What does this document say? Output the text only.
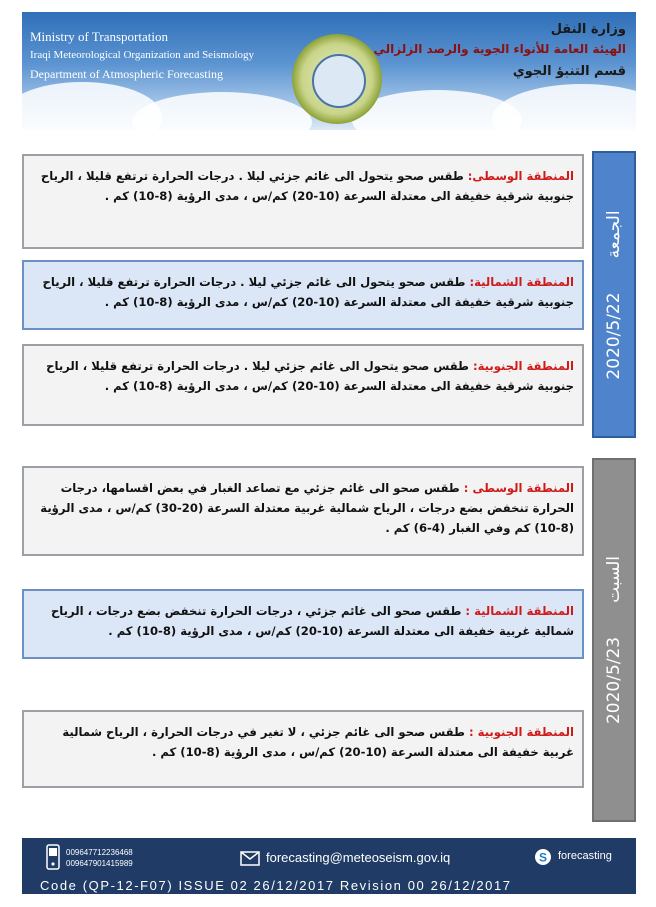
Ministry of Transportation
Iraqi Meteorological Organization and Seismology
Department of Atmospheric Forecasting
وزارة النقل
الهيئة العامة للأنواء الجوية والرصد الزلزالي
قسم التنبؤ الجوي
2020/5/22الجمعة
المنطقة الوسطى: طقس صحو يتحول الى غائم جزئي ليلا . درجات الحرارة ترتفع قليلا ، الرياح جنوبية شرقية خفيفة الى معتدلة السرعة (10-20) كم/س ، مدى الرؤية (8-10) كم .
المنطقة الشمالية: طقس صحو يتحول الى غائم جزئي ليلا . درجات الحرارة ترتفع قليلا ، الرياح جنوبية شرقية خفيفة الى معتدلة السرعة (10-20) كم/س ، مدى الرؤية (8-10) كم .
المنطقة الجنوبية: طقس صحو يتحول الى غائم جزئي ليلا . درجات الحرارة ترتفع قليلا ، الرياح جنوبية شرقية خفيفة الى معتدلة السرعة (10-20) كم/س ، مدى الرؤية (8-10) كم .
2020/5/23السبت
المنطقة الوسطى : طقس صحو الى غائم جزئي مع تصاعد الغبار في بعض اقسامها، درجات الحرارة تنخفض بضع درجات ، الرياح شمالية غربية معتدلة السرعة (20-30) كم/س ، مدى الرؤية (8-10) كم وفي الغبار (4-6) كم .
المنطقة الشمالية : طقس صحو الى غائم جزئي ، درجات الحرارة تنخفض بضع درجات ، الرياح شمالية غربية خفيفة الى معتدلة السرعة (10-20) كم/س ، مدى الرؤية (8-10) كم .
المنطقة الجنوبية : طقس صحو الى غائم جزئي ، لا تغير في درجات الحرارة ، الرياح شمالية غربية خفيفة الى معتدلة السرعة (10-20) كم/س ، مدى الرؤية (8-10) كم .
009647712236468
009647901415989	forecasting@meteoseism.gov.iq	S forecasting
Code (QP-12-F07) ISSUE 02 26/12/2017 Revision 00 26/12/2017
